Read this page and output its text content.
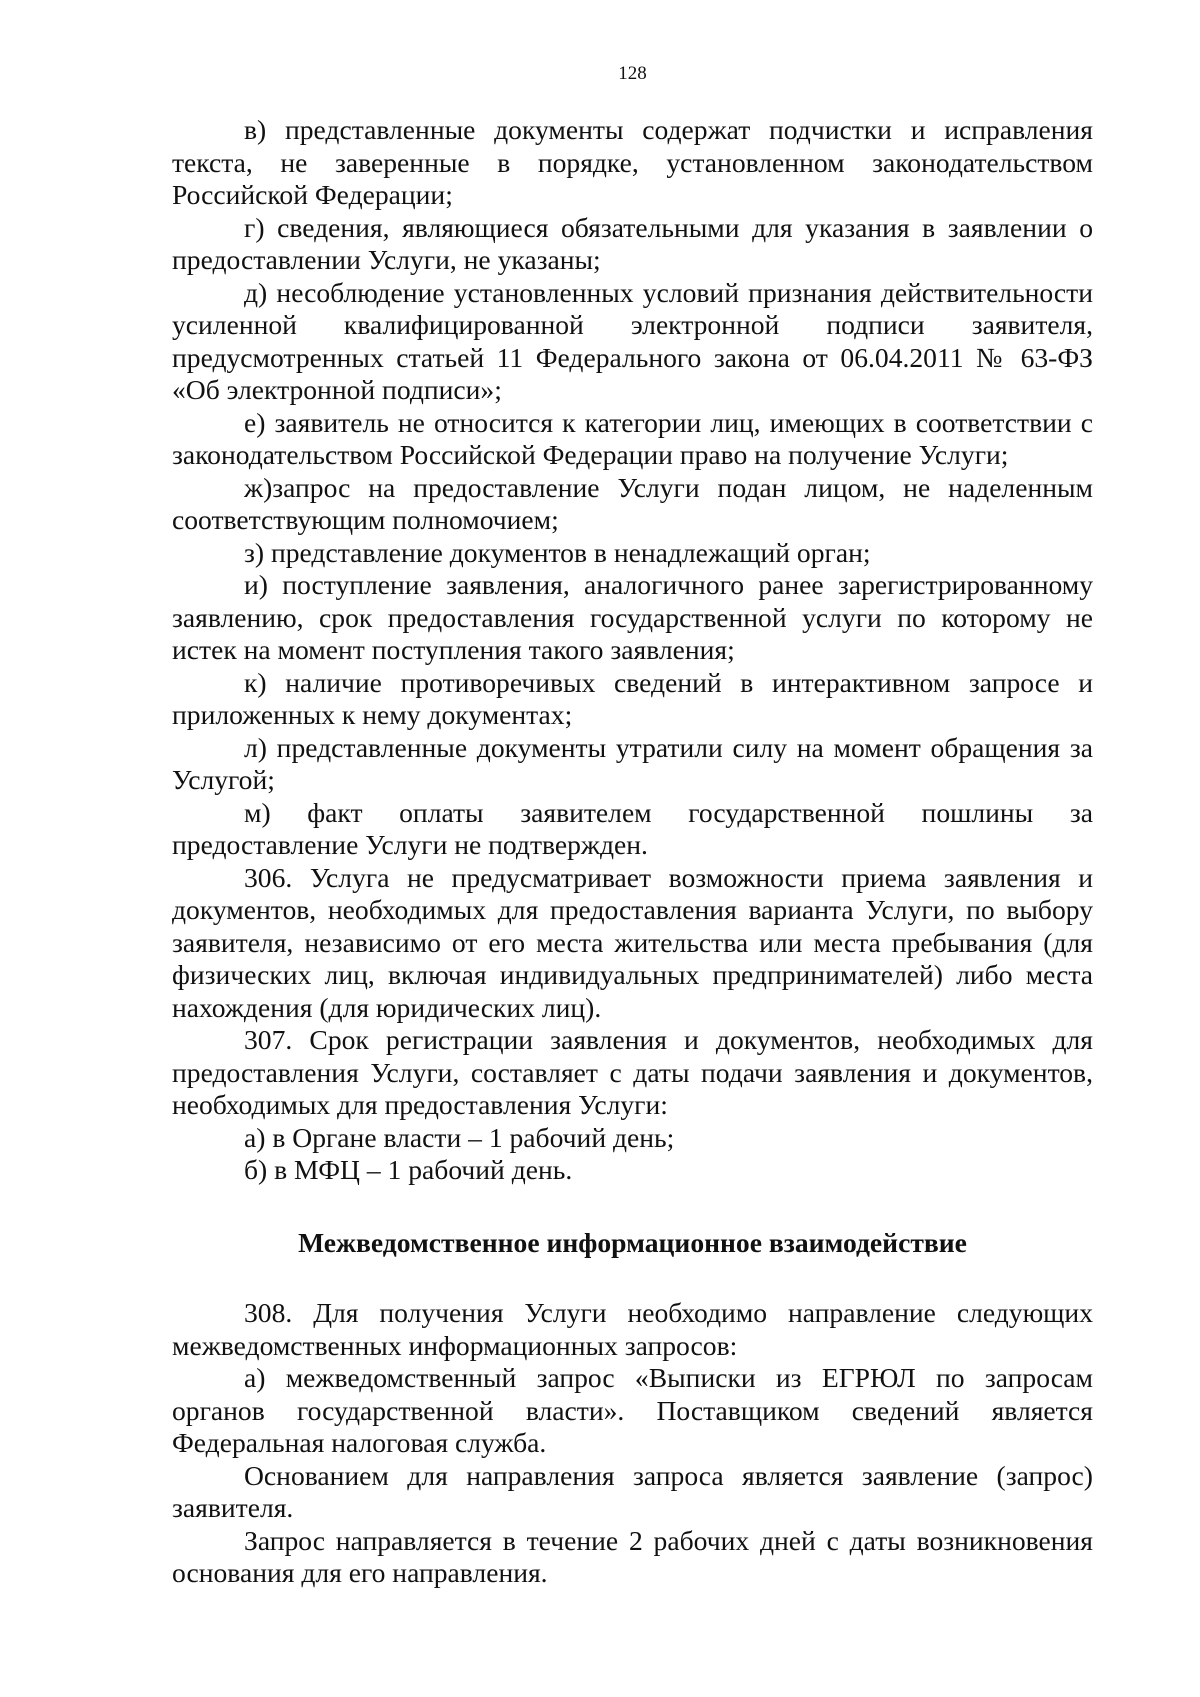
128

в) представленные документы содержат подчистки и исправления текста, не заверенные в порядке, установленном законодательством Российской Федерации;

г) сведения, являющиеся обязательными для указания в заявлении о предоставлении Услуги, не указаны;

д) несоблюдение установленных условий признания действительности усиленной квалифицированной электронной подписи заявителя, предусмотренных статьей 11 Федерального закона от 06.04.2011 № 63-ФЗ «Об электронной подписи»;

е) заявитель не относится к категории лиц, имеющих в соответствии с законодательством Российской Федерации право на получение Услуги;

ж)запрос на предоставление Услуги подан лицом, не наделенным соответствующим полномочием;

з) представление документов в ненадлежащий орган;

и) поступление заявления, аналогичного ранее зарегистрированному заявлению, срок предоставления государственной услуги по которому не истек на момент поступления такого заявления;

к) наличие противоречивых сведений в интерактивном запросе и приложенных к нему документах;

л) представленные документы утратили силу на момент обращения за Услугой;

м) факт оплаты заявителем государственной пошлины за предоставление Услуги не подтвержден.

306. Услуга не предусматривает возможности приема заявления и документов, необходимых для предоставления варианта Услуги, по выбору заявителя, независимо от его места жительства или места пребывания (для физических лиц, включая индивидуальных предпринимателей) либо места нахождения (для юридических лиц).

307. Срок регистрации заявления и документов, необходимых для предоставления Услуги, составляет с даты подачи заявления и документов, необходимых для предоставления Услуги:

а) в Органе власти – 1 рабочий день;

б) в МФЦ – 1 рабочий день.

Межведомственное информационное взаимодействие

308. Для получения Услуги необходимо направление следующих межведомственных информационных запросов:

а) межведомственный запрос «Выписки из ЕГРЮЛ по запросам органов государственной власти». Поставщиком сведений является Федеральная налоговая служба.

Основанием для направления запроса является заявление (запрос) заявителя.

Запрос направляется в течение 2 рабочих дней с даты возникновения основания для его направления.
